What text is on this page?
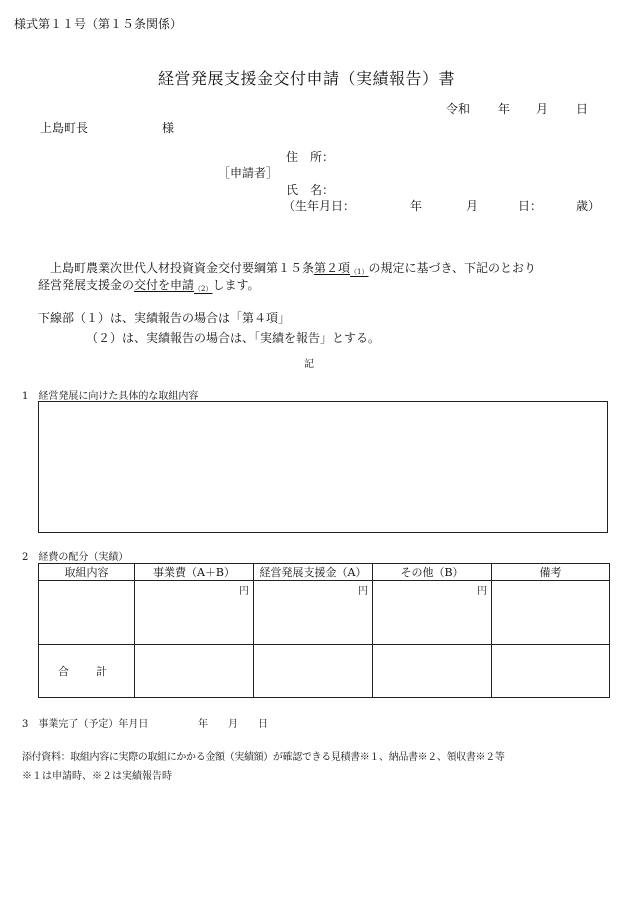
様式第１１号（第１５条関係）
経営発展支援金交付申請（実績報告）書
令和 年 月 日
上島町長	様
住　所：
［申請者］
氏　名：
（生年月日：	年	月	日：	歳）
上島町農業次世代人材投資資金交付要綱第１５条第２項$_{(1)}$の規定に基づき、下記のとおり
経営発展支援金の交付を申請$_{(2)}$します。
下線部（１）は、実績報告の場合は「第４項」
（２）は、実績報告の場合は、「実績を報告」とする。
記
1　経営発展に向けた具体的な取組内容
2　経費の配分（実績）
取組内容	事業費（A＋B）	経営発展支援金（A）	その他（B）	備考
	円	円	円	
合　計				
3　事業完了（予定）年月日	年 月 日
添付資料：取組内容に実際の取組にかかる金額（実績額）が確認できる見積書※１、納品書※２、領収書※２等
※１は申請時、※２は実績報告時
